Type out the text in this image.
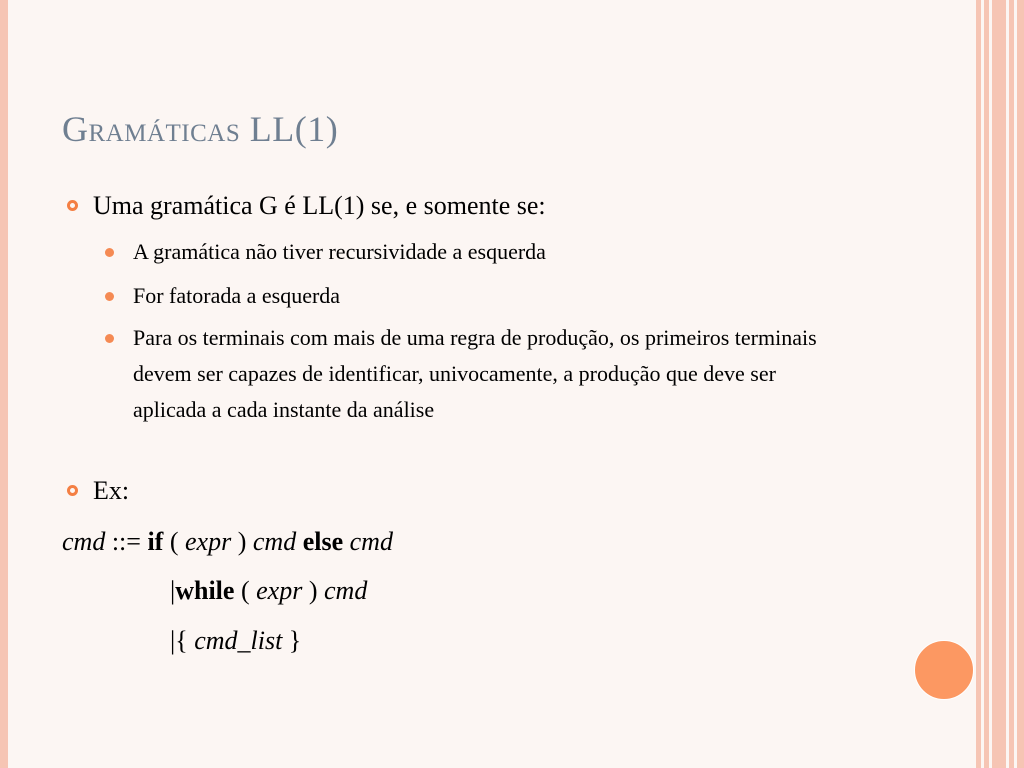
Gramáticas LL(1)
Uma gramática G é LL(1) se, e somente se:
A gramática não tiver recursividade a esquerda
For fatorada a esquerda
Para os terminais com mais de uma regra de produção, os primeiros terminais devem ser capazes de identificar, univocamente, a produção que deve ser aplicada a cada instante da análise
Ex:
cmd ::= if ( expr ) cmd else cmd
|while ( expr ) cmd
|{ cmd_list }
